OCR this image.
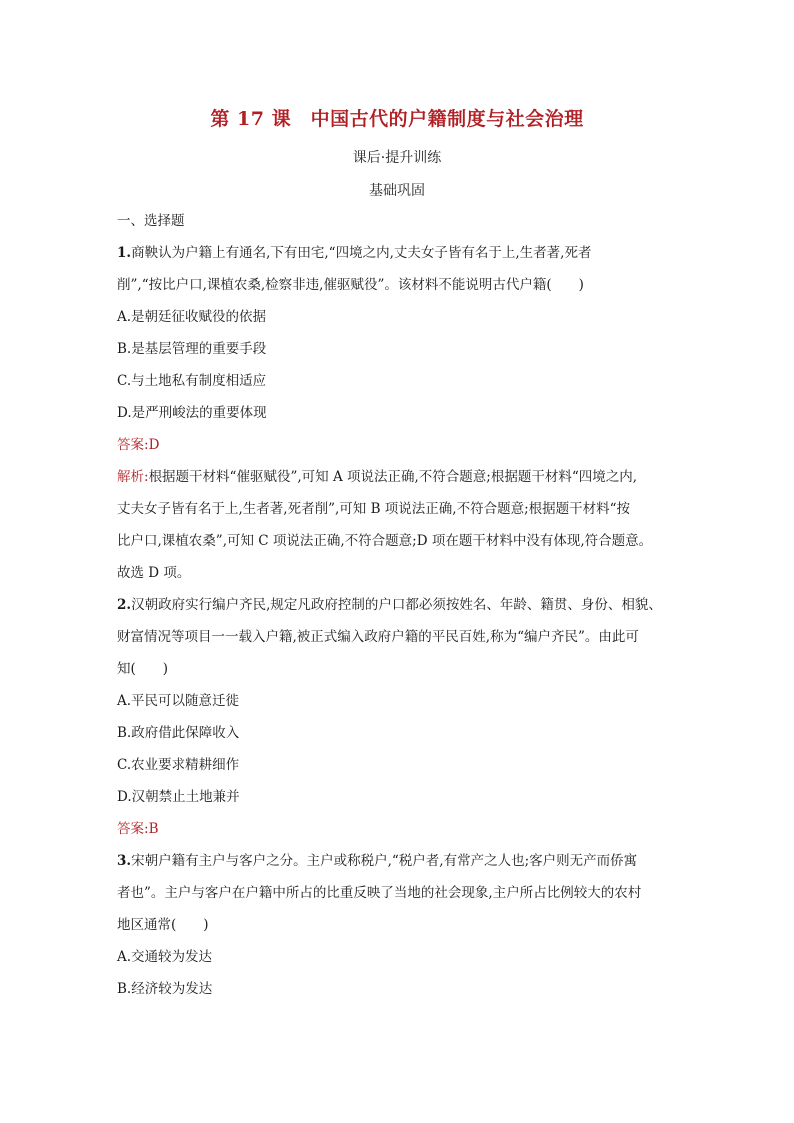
第 17 课　中国古代的户籍制度与社会治理
课后·提升训练
基础巩固
一、选择题
1.商鞅认为户籍上有通名,下有田宅,“四境之内,丈夫女子皆有名于上,生者著,死者
削”,“按比户口,课植农桑,检察非违,催驱赋役”。该材料不能说明古代户籍(　　)
A.是朝廷征收赋役的依据
B.是基层管理的重要手段
C.与土地私有制度相适应
D.是严刑峻法的重要体现
答案:D
解析:根据题干材料“催驱赋役”,可知 A 项说法正确,不符合题意;根据题干材料“四境之内,
丈夫女子皆有名于上,生者著,死者削”,可知 B 项说法正确,不符合题意;根据题干材料“按
比户口,课植农桑”,可知 C 项说法正确,不符合题意;D 项在题干材料中没有体现,符合题意。
故选 D 项。
2.汉朝政府实行编户齐民,规定凡政府控制的户口都必须按姓名、年龄、籍贯、身份、相貌、
财富情况等项目一一载入户籍,被正式编入政府户籍的平民百姓,称为“编户齐民”。由此可
知(　　)
A.平民可以随意迁徙
B.政府借此保障收入
C.农业要求精耕细作
D.汉朝禁止土地兼并
答案:B
3.宋朝户籍有主户与客户之分。主户或称税户,“税户者,有常产之人也;客户则无产而侨寓
者也”。主户与客户在户籍中所占的比重反映了当地的社会现象,主户所占比例较大的农村
地区通常(　　)
A.交通较为发达
B.经济较为发达
